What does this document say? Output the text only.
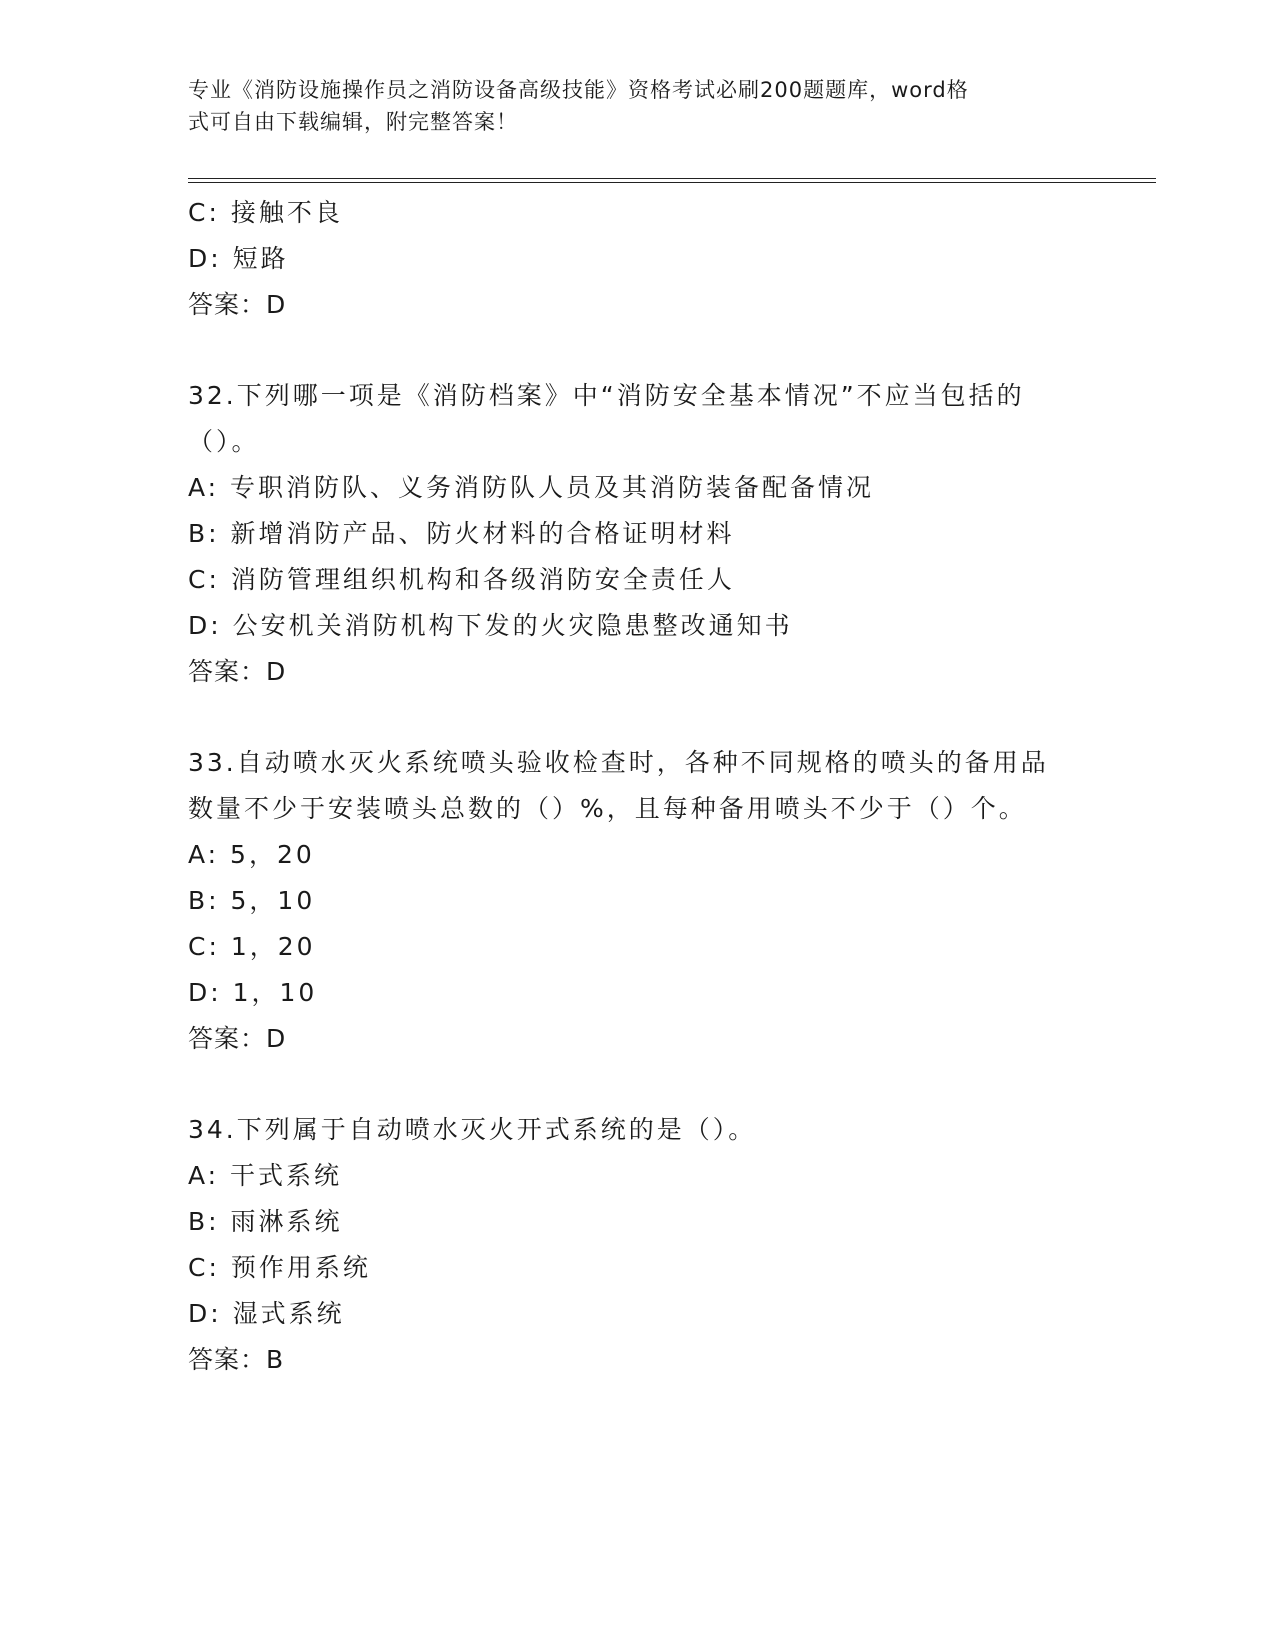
专业《消防设施操作员之消防设备高级技能》资格考试必刷200题题库，word格
式可自由下载编辑，附完整答案！
C: 接触不良
D: 短路
答案：D
32.下列哪一项是《消防档案》中“消防安全基本情况”不应当包括的
（）。
A: 专职消防队、义务消防队人员及其消防装备配备情况
B: 新增消防产品、防火材料的合格证明材料
C: 消防管理组织机构和各级消防安全责任人
D: 公安机关消防机构下发的火灾隐患整改通知书
答案：D
33.自动喷水灭火系统喷头验收检查时，各种不同规格的喷头的备用品
数量不少于安装喷头总数的（）%，且每种备用喷头不少于（）个。
A: 5，20
B: 5，10
C: 1，20
D: 1，10
答案：D
34.下列属于自动喷水灭火开式系统的是（）。
A: 干式系统
B: 雨淋系统
C: 预作用系统
D: 湿式系统
答案：B
